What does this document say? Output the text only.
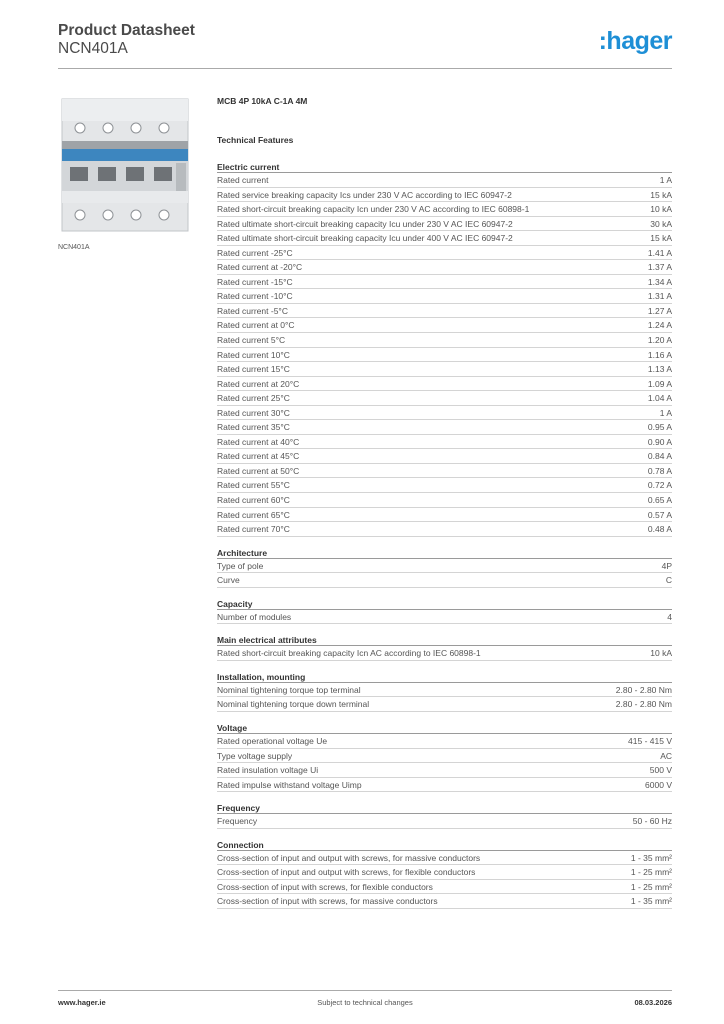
Product Datasheet
NCN401A	:hager
NCN401A
MCB 4P 10kA C-1A 4M
Technical Features
Electric current
Rated current	1 A
Rated service breaking capacity Ics under 230 V AC according to IEC 60947-2	15 kA
Rated short-circuit breaking capacity Icn under 230 V AC according to IEC 60898-1	10 kA
Rated ultimate short-circuit breaking capacity Icu under 230 V AC IEC 60947-2	30 kA
Rated ultimate short-circuit breaking capacity Icu under 400 V AC IEC 60947-2	15 kA
Rated current -25°C	1.41 A
Rated current at -20°C	1.37 A
Rated current -15°C	1.34 A
Rated current -10°C	1.31 A
Rated current -5°C	1.27 A
Rated current at 0°C	1.24 A
Rated current 5°C	1.20 A
Rated current 10°C	1.16 A
Rated current 15°C	1.13 A
Rated current at 20°C	1.09 A
Rated current 25°C	1.04 A
Rated current 30°C	1 A
Rated current 35°C	0.95 A
Rated current at 40°C	0.90 A
Rated current at 45°C	0.84 A
Rated current at 50°C	0.78 A
Rated current 55°C	0.72 A
Rated current 60°C	0.65 A
Rated current 65°C	0.57 A
Rated current 70°C	0.48 A
Architecture
Type of pole	4P
Curve	C
Capacity
Number of modules	4
Main electrical attributes
Rated short-circuit breaking capacity Icn AC according to IEC 60898-1	10 kA
Installation, mounting
Nominal tightening torque top terminal	2.80 - 2.80 Nm
Nominal tightening torque down terminal	2.80 - 2.80 Nm
Voltage
Rated operational voltage Ue	415 - 415 V
Type voltage supply	AC
Rated insulation voltage Ui	500 V
Rated impulse withstand voltage Uimp	6000 V
Frequency
Frequency	50 - 60 Hz
Connection
Cross-section of input and output with screws, for massive conductors	1 - 35 mm²
Cross-section of input and output with screws, for flexible conductors	1 - 25 mm²
Cross-section of input with screws, for flexible conductors	1 - 25 mm²
Cross-section of input with screws, for massive conductors	1 - 35 mm²
www.hager.ie	Subject to technical changes	08.03.2026
